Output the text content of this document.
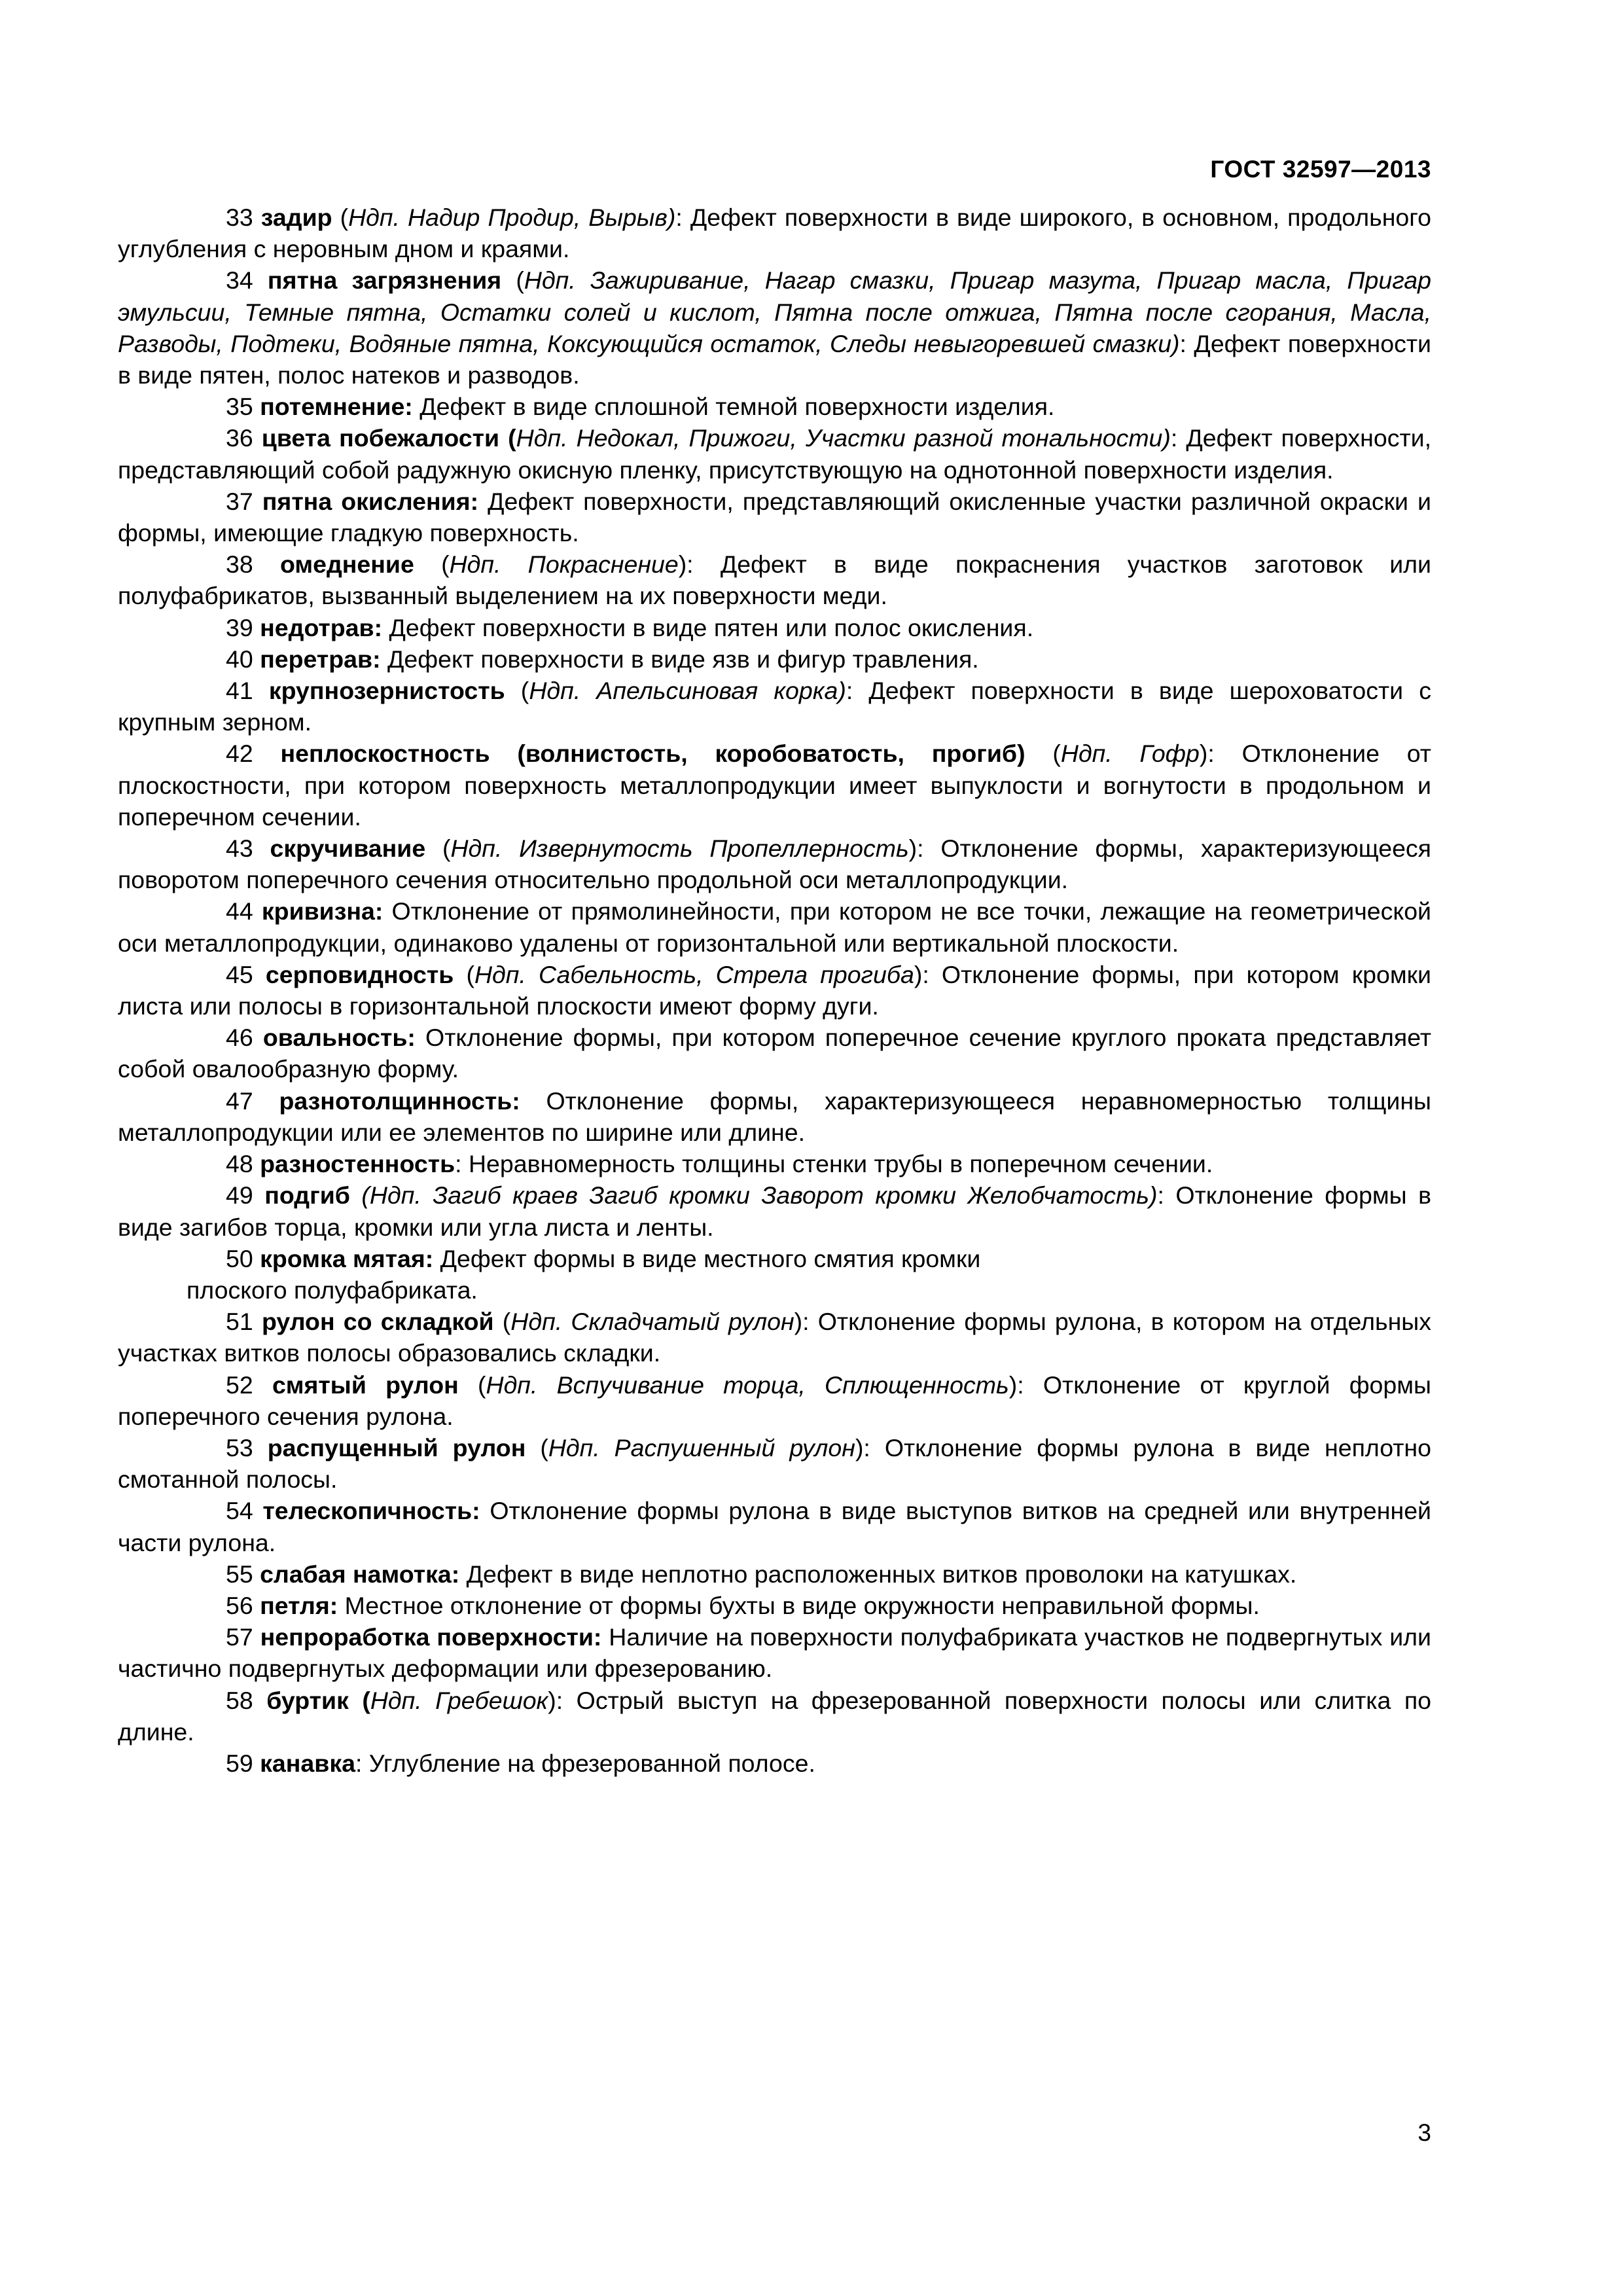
ГОСТ 32597—2013

33 задир (Ндп. Надир Продир, Вырыв): Дефект поверхности в виде широкого, в основном, продольного углубления с неровным дном и краями.

34 пятна загрязнения (Ндп. Зажиривание, Нагар смазки, Пригар мазута, Пригар масла, Пригар эмульсии, Темные пятна, Остатки солей и кислот, Пятна после отжига, Пятна после сгорания, Масла, Разводы, Подтеки, Водяные пятна, Коксующийся остаток, Следы невыгоревшей смазки): Дефект поверхности в виде пятен, полос натеков и разводов.

35 потемнение: Дефект в виде сплошной темной поверхности изделия.

36 цвета побежалости (Ндп. Недокал, Прижоги, Участки разной тональности): Дефект поверхности, представляющий собой радужную окисную пленку, присутствующую на однотонной поверхности изделия.

37 пятна окисления: Дефект поверхности, представляющий окисленные участки различной окраски и формы, имеющие гладкую поверхность.

38 омеднение (Ндп. Покраснение): Дефект в виде покраснения участков заготовок или полуфабрикатов, вызванный выделением на их поверхности меди.

39 недотрав: Дефект поверхности в виде пятен или полос окисления.

40 перетрав: Дефект поверхности в виде язв и фигур травления.

41 крупнозернистость (Ндп. Апельсиновая корка): Дефект поверхности в виде шероховатости с крупным зерном.

42 неплоскостность (волнистость, коробоватость, прогиб) (Ндп. Гофр): Отклонение от плоскостности, при котором поверхность металлопродукции имеет выпуклости и вогнутости в продольном и поперечном сечении.

43 скручивание (Ндп. Извернутость Пропеллерность): Отклонение формы, характеризующееся поворотом поперечного сечения относительно продольной оси металлопродукции.

44 кривизна: Отклонение от прямолинейности, при котором не все точки, лежащие на геометрической оси металлопродукции, одинаково удалены от горизонтальной или вертикальной плоскости.

45 серповидность (Ндп. Сабельность, Стрела прогиба): Отклонение формы, при котором кромки листа или полосы в горизонтальной плоскости имеют форму дуги.

46 овальность: Отклонение формы, при котором поперечное сечение круглого проката представляет собой овалообразную форму.

47 разнотолщинность: Отклонение формы, характеризующееся неравномерностью толщины металлопродукции или ее элементов по ширине или длине.

48 разностенность: Неравномерность толщины стенки трубы в поперечном сечении.

49 подгиб (Ндп. Загиб краев Загиб кромки Заворот кромки Желобчатость): Отклонение формы в виде загибов торца, кромки или угла листа и ленты.

50 кромка мятая: Дефект формы в виде местного смятия кромки

плоского полуфабриката.

51 рулон со складкой (Ндп. Складчатый рулон): Отклонение формы рулона, в котором на отдельных участках витков полосы образовались складки.

52 смятый рулон (Ндп. Вспучивание торца, Сплющенность): Отклонение от круглой формы поперечного сечения рулона.

53 распущенный рулон (Ндп. Распушенный рулон): Отклонение формы рулона в виде неплотно смотанной полосы.

54 телескопичность: Отклонение формы рулона в виде выступов витков на средней или внутренней части рулона.

55 слабая намотка: Дефект в виде неплотно расположенных витков проволоки на катушках.

56 петля: Местное отклонение от формы бухты в виде окружности неправильной формы.

57 непроработка поверхности: Наличие на поверхности полуфабриката участков не подвергнутых или частично подвергнутых деформации или фрезерованию.

58 буртик (Ндп. Гребешок): Острый выступ на фрезерованной поверхности полосы или слитка по длине.

59 канавка: Углубление на фрезерованной полосе.

3
